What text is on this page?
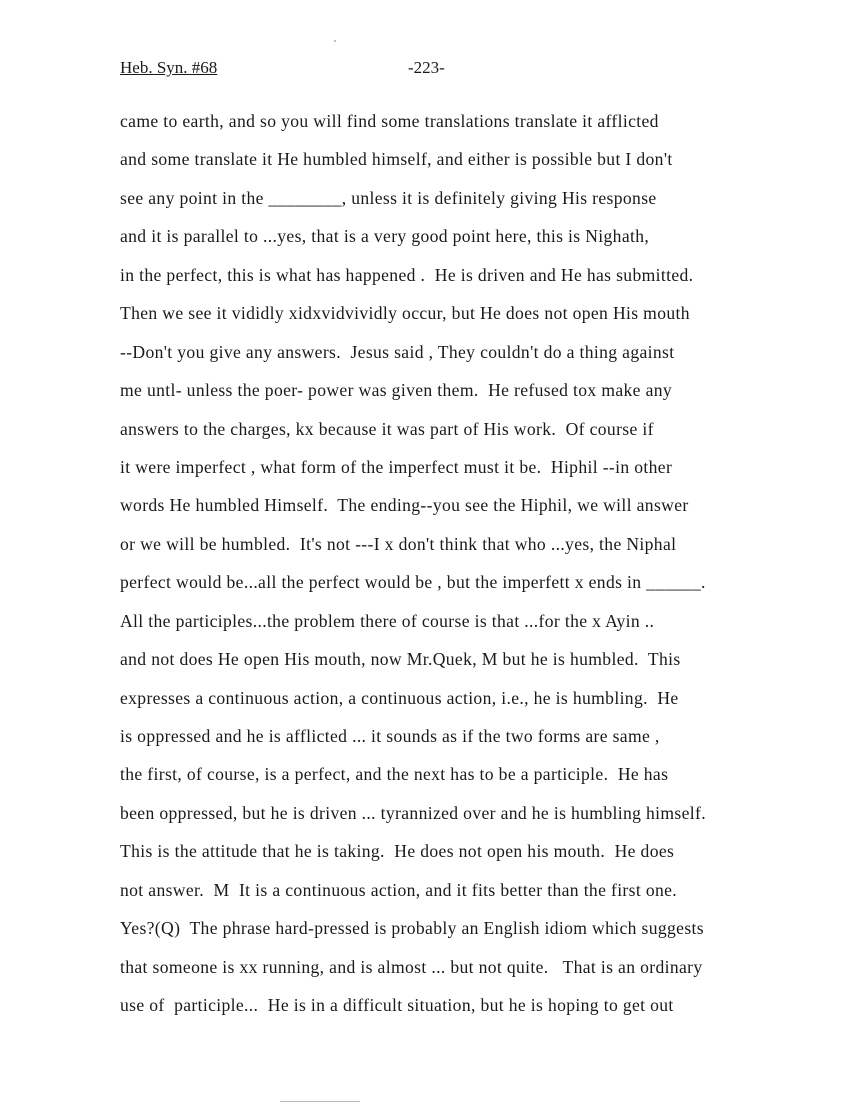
Heb. Syn. #68	-223-
came to earth, and so you will find some translations translate it afflicted
and some translate it He humbled himself, and either is possible but I don't
see any point in the ________, unless it is definitely giving His response
and it is parallel to ...yes, that is a very good point here, this is Nighath,
in the perfect, this is what has happened .  He is driven and He has submitted.
Then we see it vididly xidxvidvividly occur, but He does not open His mouth
--Don't you give any answers.  Jesus said , They couldn't do a thing against
me untl- unless the poer- power was given them.  He refused tox make any
answers to the charges, kx because it was part of His work.  Of course if
it were imperfect , what form of the imperfect must it be.  Hiphil --in other
words He humbled Himself.  The ending--you see the Hiphil, we will answer
or we will be humbled.  It's not ---I x don't think that who ...yes, the Niphal
perfect would be...all the perfect would be , but the imperfett x ends in ______.
All the participles...the problem there of course is that ...for the x Ayin ..
and not does He open His mouth, now Mr.Quek, M but he is humbled.  This
expresses a continuous action, a continuous action, i.e., he is humbling.  He
is oppressed and he is afflicted ... it sounds as if the two forms are same ,
the first, of course, is a perfect, and the next has to be a participle.  He has
been oppressed, but he is driven ... tyrannized over and he is humbling himself.
This is the attitude that he is taking.  He does not open his mouth.  He does
not answer.  M  It is a continuous action, and it fits better than the first one.
Yes?(Q)  The phrase hard-pressed is probably an English idiom which suggests
that someone is xx running, and is almost ... but not quite.   That is an ordinary
use of  participle...  He is in a difficult situation, but he is hoping to get out
